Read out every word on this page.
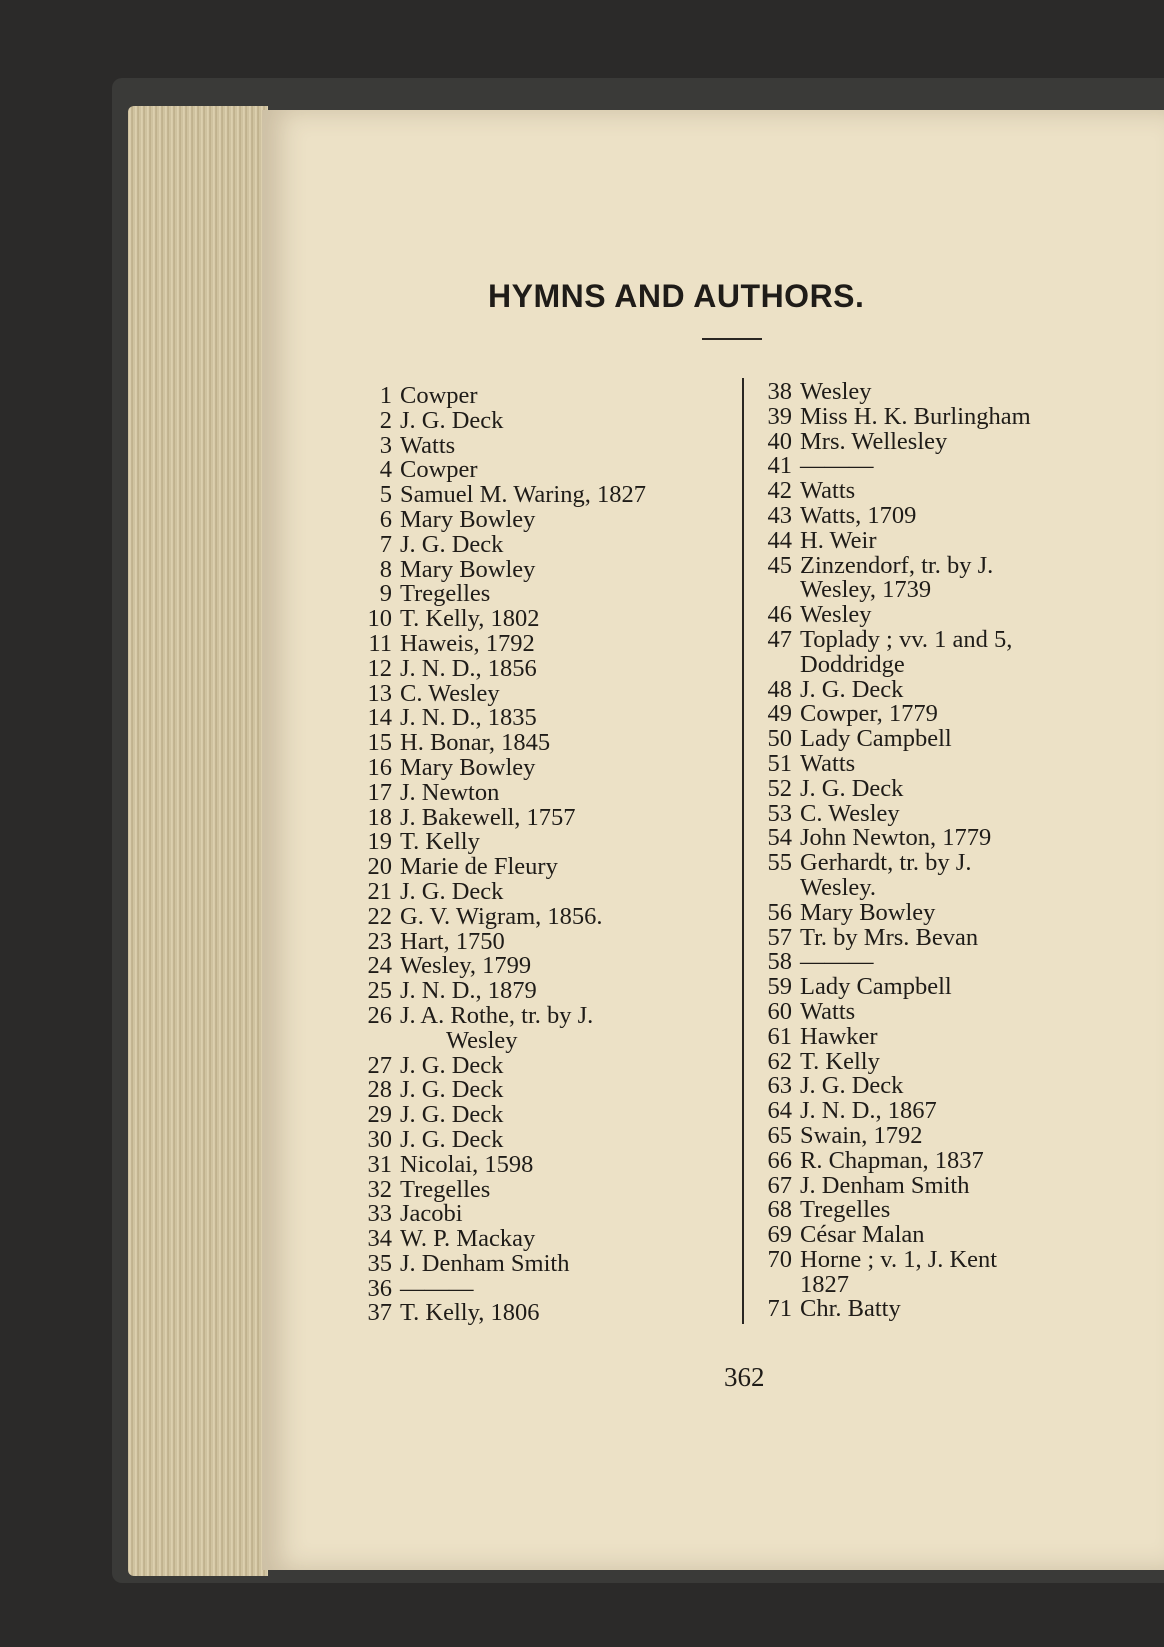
HYMNS AND AUTHORS.
1 Cowper
2 J. G. Deck
3 Watts
4 Cowper
5 Samuel M. Waring, 1827
6 Mary Bowley
7 J. G. Deck
8 Mary Bowley
9 Tregelles
10 T. Kelly, 1802
11 Haweis, 1792
12 J. N. D., 1856
13 C. Wesley
14 J. N. D., 1835
15 H. Bonar, 1845
16 Mary Bowley
17 J. Newton
18 J. Bakewell, 1757
19 T. Kelly
20 Marie de Fleury
21 J. G. Deck
22 G. V. Wigram, 1856.
23 Hart, 1750
24 Wesley, 1799
25 J. N. D., 1879
26 J. A. Rothe, tr. by J.
Wesley
27 J. G. Deck
28 J. G. Deck
29 J. G. Deck
30 J. G. Deck
31 Nicolai, 1598
32 Tregelles
33 Jacobi
34 W. P. Mackay
35 J. Denham Smith
36 ———
37 T. Kelly, 1806
38 Wesley
39 Miss H. K. Burlingham
40 Mrs. Wellesley
41 ———
42 Watts
43 Watts, 1709
44 H. Weir
45 Zinzendorf, tr. by J.
Wesley, 1739
46 Wesley
47 Toplady ; vv. 1 and 5,
Doddridge
48 J. G. Deck
49 Cowper, 1779
50 Lady Campbell
51 Watts
52 J. G. Deck
53 C. Wesley
54 John Newton, 1779
55 Gerhardt, tr. by J.
Wesley.
56 Mary Bowley
57 Tr. by Mrs. Bevan
58 ———
59 Lady Campbell
60 Watts
61 Hawker
62 T. Kelly
63 J. G. Deck
64 J. N. D., 1867
65 Swain, 1792
66 R. Chapman, 1837
67 J. Denham Smith
68 Tregelles
69 César Malan
70 Horne ; v. 1, J. Kent
1827
71 Chr. Batty

362
